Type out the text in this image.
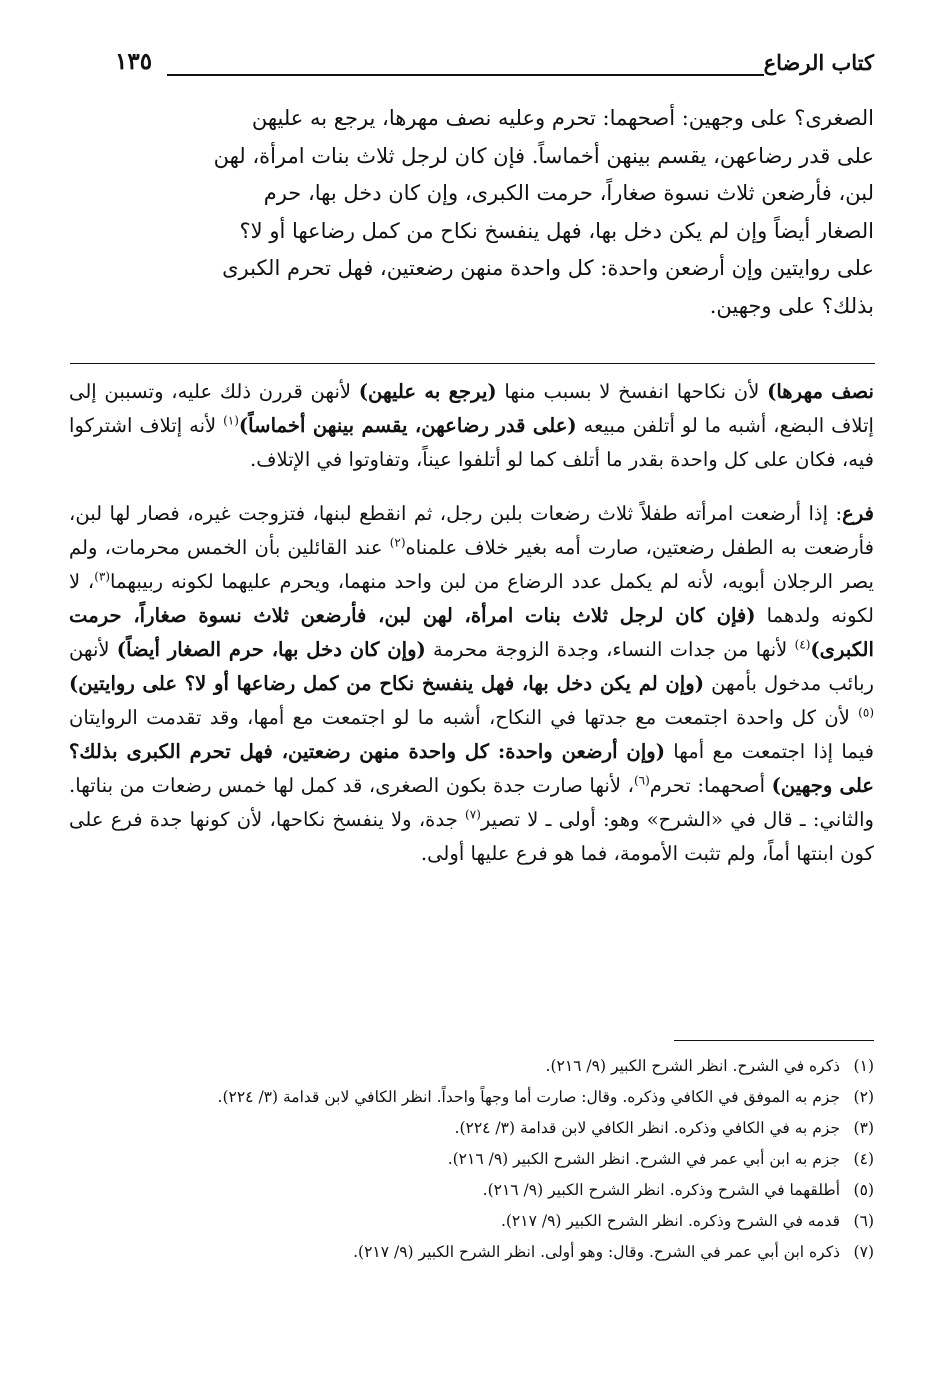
كتاب الرضاع
١٣٥

الصغرى؟ على وجهين: أصحهما: تحرم وعليه نصف مهرها، يرجع به عليهن

على قدر رضاعهن، يقسم بينهن أخماساً. فإن كان لرجل ثلاث بنات امرأة، لهن

لبن، فأرضعن ثلاث نسوة صغاراً، حرمت الكبرى، وإن كان دخل بها، حرم

الصغار أيضاً وإن لم يكن دخل بها، فهل ينفسخ نكاح من كمل رضاعها أو لا؟

على روايتين وإن أرضعن واحدة: كل واحدة منهن رضعتين، فهل تحرم الكبرى

بذلك؟ على وجهين.

نصف مهرها) لأن نكاحها انفسخ لا بسبب منها (يرجع به عليهن) لأنهن قررن ذلك عليه، وتسببن إلى إتلاف البضع، أشبه ما لو أتلفن مبيعه (على قدر رضاعهن، يقسم بينهن أخماساً)$^{(١)}$ لأنه إتلاف اشتركوا فيه، فكان على كل واحدة بقدر ما أتلف كما لو أتلفوا عيناً، وتفاوتوا في الإتلاف.

فرع: إذا أرضعت امرأته طفلاً ثلاث رضعات بلبن رجل، ثم انقطع لبنها، فتزوجت غيره، فصار لها لبن، فأرضعت به الطفل رضعتين، صارت أمه بغير خلاف علمناه$^{(٢)}$ عند القائلين بأن الخمس محرمات، ولم يصر الرجلان أبويه، لأنه لم يكمل عدد الرضاع من لبن واحد منهما، ويحرم عليهما لكونه ربيبهما$^{(٣)}$، لا لكونه ولدهما (فإن كان لرجل ثلاث بنات امرأة، لهن لبن، فأرضعن ثلاث نسوة صغاراً، حرمت الكبرى)$^{(٤)}$ لأنها من جدات النساء، وجدة الزوجة محرمة (وإن كان دخل بها، حرم الصغار أيضاً) لأنهن ربائب مدخول بأمهن (وإن لم يكن دخل بها، فهل ينفسخ نكاح من كمل رضاعها أو لا؟ على روايتين)$^{(٥)}$ لأن كل واحدة اجتمعت مع جدتها في النكاح، أشبه ما لو اجتمعت مع أمها، وقد تقدمت الروايتان فيما إذا اجتمعت مع أمها (وإن أرضعن واحدة: كل واحدة منهن رضعتين، فهل تحرم الكبرى بذلك؟ على وجهين) أصحهما: تحرم$^{(٦)}$، لأنها صارت جدة بكون الصغرى، قد كمل لها خمس رضعات من بناتها. والثاني: ـ قال في «الشرح» وهو: أولى ـ لا تصير$^{(٧)}$ جدة، ولا ينفسخ نكاحها، لأن كونها جدة فرع على كون ابنتها أماً، ولم تثبت الأمومة، فما هو فرع عليها أولى.

(١)
ذكره في الشرح. انظر الشرح الكبير (٩/ ٢١٦).
(٢)
جزم به الموفق في الكافي وذكره. وقال: صارت أما وجهاً واحداً. انظر الكافي لابن قدامة (٣/ ٢٢٤).
(٣)
جزم به في الكافي وذكره. انظر الكافي لابن قدامة (٣/ ٢٢٤).
(٤)
جزم به ابن أبي عمر في الشرح. انظر الشرح الكبير (٩/ ٢١٦).
(٥)
أطلقهما في الشرح وذكره. انظر الشرح الكبير (٩/ ٢١٦).
(٦)
قدمه في الشرح وذكره. انظر الشرح الكبير (٩/ ٢١٧).
(٧)
ذكره ابن أبي عمر في الشرح. وقال: وهو أولى. انظر الشرح الكبير (٩/ ٢١٧).
